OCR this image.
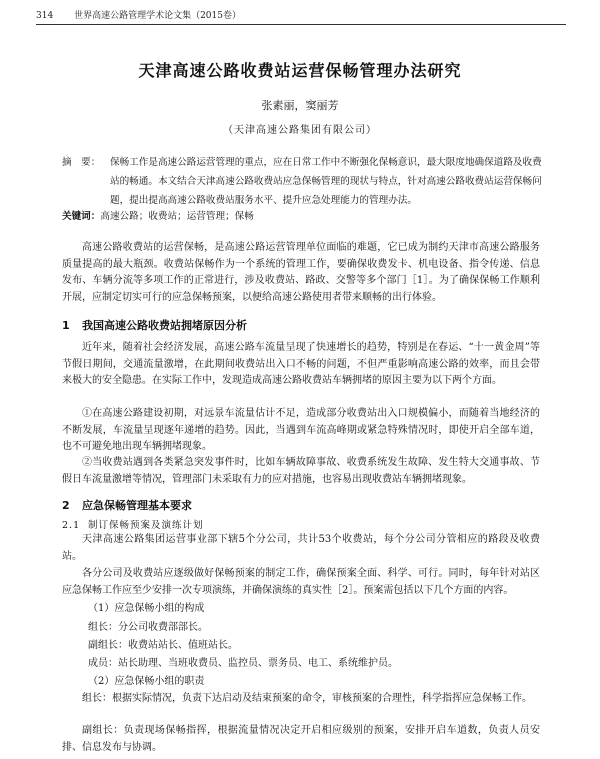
314 世界高速公路管理学术论文集（2015卷）
天津高速公路收费站运营保畅管理办法研究
张素丽，窦丽芳
（天津高速公路集团有限公司）
摘　要：	保畅工作是高速公路运营管理的重点，应在日常工作中不断强化保畅意识，最大限度地确保道路及收费站的畅通。本文结合天津高速公路收费站应急保畅管理的现状与特点，针对高速公路收费站运营保畅问题，提出提高高速公路收费站服务水平、提升应急处理能力的管理办法。
关键词：高速公路；收费站；运营管理；保畅
高速公路收费站的运营保畅，是高速公路运营管理单位面临的难题，它已成为制约天津市高速公路服务质量提高的最大瓶颈。收费站保畅作为一个系统的管理工作，要确保收费发卡、机电设备、指令传递、信息发布、车辆分流等多项工作的正常进行，涉及收费站、路政、交警等多个部门［1］。为了确保保畅工作顺利开展，应制定切实可行的应急保畅预案，以便给高速公路使用者带来顺畅的出行体验。
1 我国高速公路收费站拥堵原因分析
近年来，随着社会经济发展，高速公路车流量呈现了快速增长的趋势，特别是在春运、“十一黄金周”等节假日期间，交通流量激增，在此期间收费站出入口不畅的问题，不但严重影响高速公路的效率，而且会带来极大的安全隐患。在实际工作中，发现造成高速公路收费站车辆拥堵的原因主要为以下两个方面。
①在高速公路建设初期，对远景车流量估计不足，造成部分收费站出入口规模偏小，而随着当地经济的不断发展，车流量呈现逐年递增的趋势。因此，当遇到车流高峰期或紧急特殊情况时，即使开启全部车道，也不可避免地出现车辆拥堵现象。
②当收费站遇到各类紧急突发事件时，比如车辆故障事故、收费系统发生故障、发生特大交通事故、节假日车流量激增等情况，管理部门未采取有力的应对措施，也容易出现收费站车辆拥堵现象。
2 应急保畅管理基本要求
2.1 制订保畅预案及演练计划
天津高速公路集团运营事业部下辖5个分公司，共计53个收费站，每个分公司分管相应的路段及收费站。
各分公司及收费站应逐级做好保畅预案的制定工作，确保预案全面、科学、可行。同时，每年针对站区应急保畅工作应至少安排一次专项演练，并确保演练的真实性［2］。预案需包括以下几个方面的内容。
（1）应急保畅小组的构成
组长：分公司收费部部长。
副组长：收费站站长、值班站长。
成员：站长助理、当班收费员、监控员、票务员、电工、系统维护员。
（2）应急保畅小组的职责
组长：根据实际情况，负责下达启动及结束预案的命令，审核预案的合理性，科学指挥应急保畅工作。
副组长：负责现场保畅指挥，根据流量情况决定开启相应级别的预案，安排开启车道数，负责人员安排、信息发布与协调。
